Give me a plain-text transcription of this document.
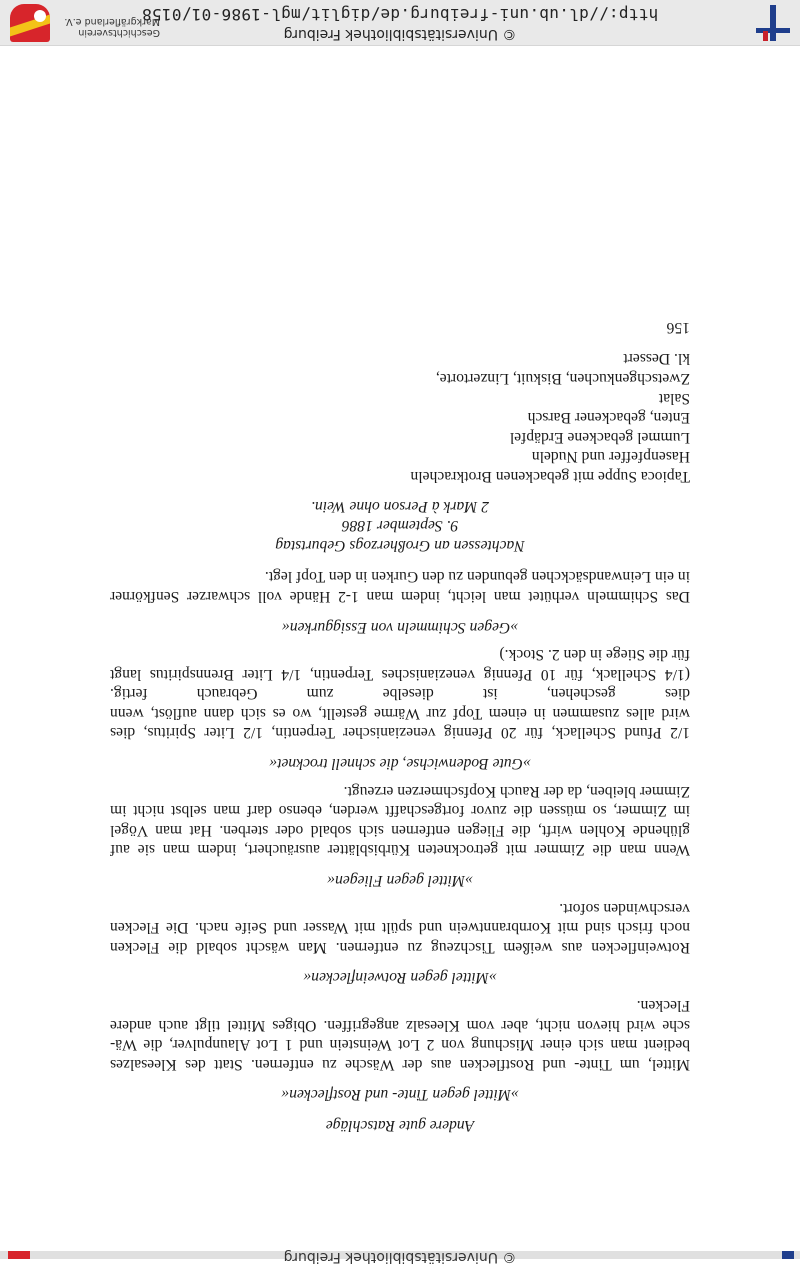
© Universitätsbibliothek Freiburg
Andere gute Ratschläge
»Mittel gegen Tinte- und Rostflecken«
Mittel, um Tinte- und Rostflecken aus der Wäsche zu entfernen. Statt des Kleesalzes
bedient man sich einer Mischung von 2 Lot Weinstein und 1 Lot Alaunpulver, die Wä-
sche wird hievon nicht, aber vom Kleesalz angegriffen. Obiges Mittel tilgt auch andere
Flecken.
»Mittel gegen Rotweinflecken«
Rotweinflecken aus weißem Tischzeug zu entfernen. Man wäscht sobald die Flecken
noch frisch sind mit Kornbranntwein und spült mit Wasser und Seife nach. Die Flecken
verschwinden sofort.
»Mittel gegen Fliegen«
Wenn man die Zimmer mit getrockneten Kürbisblätter ausräuchert, indem man sie auf
glühende Kohlen wirft, die Fliegen entfernen sich sobald oder sterben. Hat man Vögel
im Zimmer, so müssen die zuvor fortgeschafft werden, ebenso darf man selbst nicht im
Zimmer bleiben, da der Rauch Kopfschmerzen erzeugt.
»Gute Bodenwichse, die schnell trocknet«
1/2 Pfund Schellack, für 20 Pfennig venezianischer Terpentin, 1/2 Liter Spiritus, dies
wird alles zusammen in einem Topf zur Wärme gestellt, wo es sich dann auflöst, wenn
dies geschehen, ist dieselbe zum Gebrauch fertig.
(1/4 Schellack, für 10 Pfennig venezianisches Terpentin, 1/4 Liter Brennspiritus langt
für die Stiege in den 2. Stock.)
»Gegen Schimmeln von Essiggurken«
Das Schimmeln verhütet man leicht, indem man 1-2 Hände voll schwarzer Senfkörner
in ein Leinwandsäckchen gebunden zu den Gurken in den Topf legt.
Nachtessen an Großherzogs Geburtstag
9. September 1886
2 Mark à Person ohne Wein.
Tapioca Suppe mit gebackenen Brotkracheln
Hasenpfeffer und Nudeln
Lummel gebackene Erdäpfel
Enten, gebackener Barsch
Salat
Zwetschgenkuchen, Biskuit, Linzertorte,
kl. Dessert
156
© Universitätsbibliothek Freiburg
http://dl.ub.uni-freiburg.de/diglit/mgl-1986-01/0158
Geschichtsverein
Markgräflerland e.V.
